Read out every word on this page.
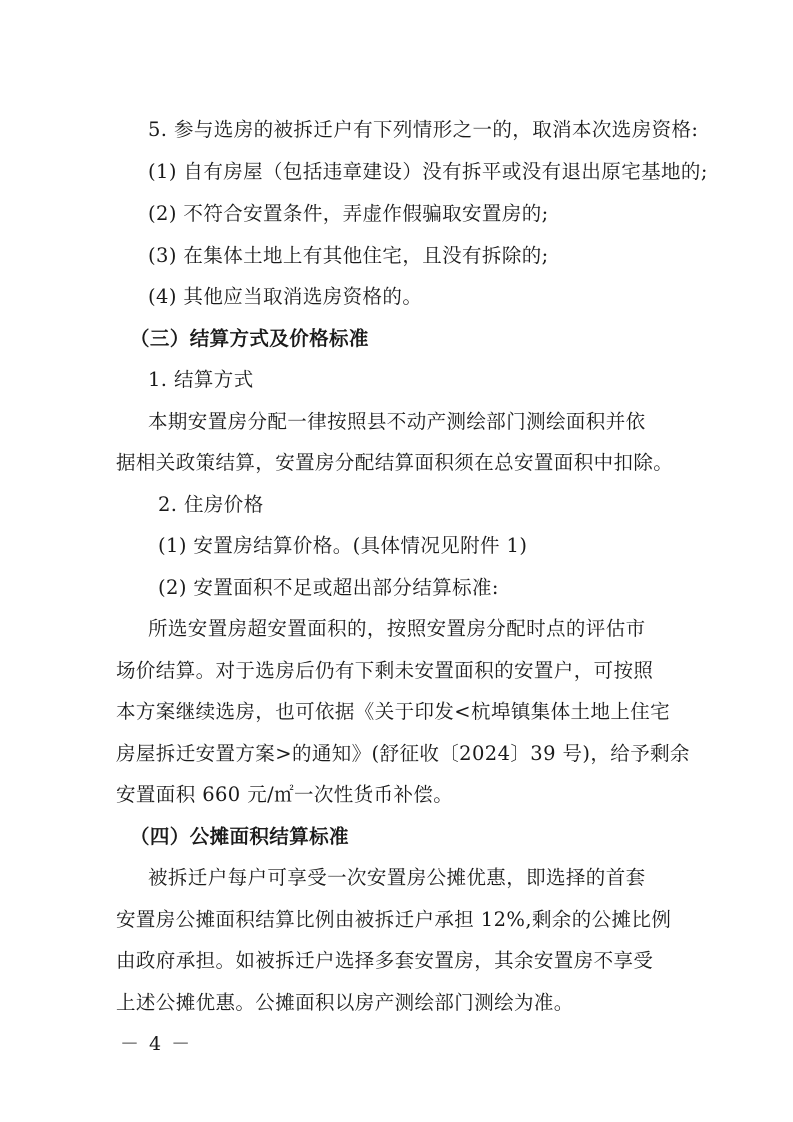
5. 参与选房的被拆迁户有下列情形之一的，取消本次选房资格:
(1) 自有房屋（包括违章建设）没有拆平或没有退出原宅基地的;
(2) 不符合安置条件，弄虚作假骗取安置房的;
(3) 在集体土地上有其他住宅，且没有拆除的;
(4) 其他应当取消选房资格的。
（三）结算方式及价格标准
1. 结算方式
本期安置房分配一律按照县不动产测绘部门测绘面积并依
据相关政策结算，安置房分配结算面积须在总安置面积中扣除。
2. 住房价格
(1) 安置房结算价格。(具体情况见附件 1)
(2) 安置面积不足或超出部分结算标准:
所选安置房超安置面积的，按照安置房分配时点的评估市
场价结算。对于选房后仍有下剩未安置面积的安置户，可按照
本方案继续选房，也可依据《关于印发<杭埠镇集体土地上住宅
房屋拆迁安置方案>的通知》(舒征收〔2024〕39 号)，给予剩余
安置面积 660 元/㎡一次性货币补偿。
（四）公摊面积结算标准
被拆迁户每户可享受一次安置房公摊优惠，即选择的首套
安置房公摊面积结算比例由被拆迁户承担 12%,剩余的公摊比例
由政府承担。如被拆迁户选择多套安置房，其余安置房不享受
上述公摊优惠。公摊面积以房产测绘部门测绘为准。
－ 4 －
